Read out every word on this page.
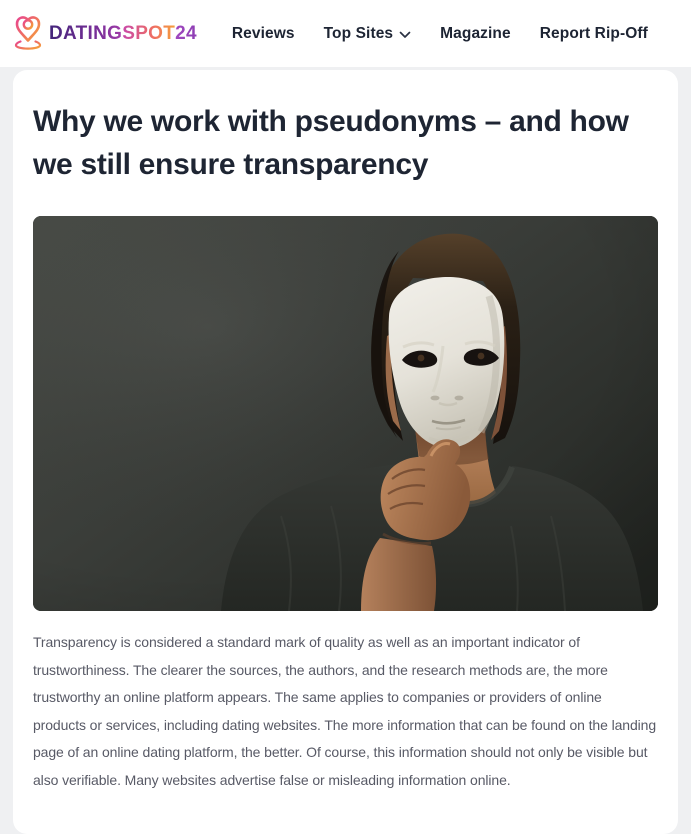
DATINGSPOT24 Reviews Top Sites	Magazine Report Rip-Off
Why we work with pseudonyms – and how we still ensure transparency

Transparency is considered a standard mark of quality as well as an important indicator of trustworthiness. The clearer the sources, the authors, and the research methods are, the more trustworthy an online platform appears. The same applies to companies or providers of online products or services, including dating websites. The more information that can be found on the landing page of an online dating platform, the better. Of course, this information should not only be visible but also verifiable. Many websites advertise false or misleading information online.
